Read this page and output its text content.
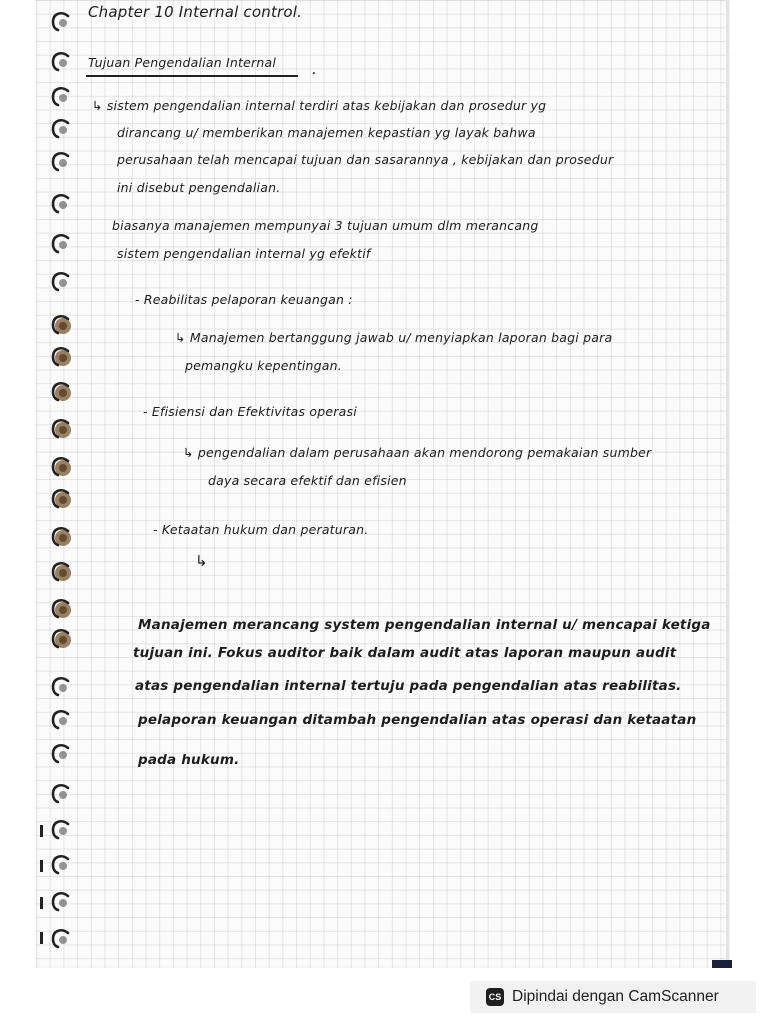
Chapter 10 Internal control.
Tujuan Pengendalian Internal .
↳ sistem pengendalian internal terdiri atas kebijakan dan prosedur yg
dirancang u/ memberikan manajemen kepastian yg layak bahwa
perusahaan telah mencapai tujuan dan sasarannya , kebijakan dan prosedur
ini disebut pengendalian.
biasanya manajemen mempunyai 3 tujuan umum dlm merancang
sistem pengendalian internal yg efektif
- Reabilitas pelaporan keuangan :
↳ Manajemen bertanggung jawab u/ menyiapkan laporan bagi para
pemangku kepentingan.
- Efisiensi dan Efektivitas operasi
↳ pengendalian dalam perusahaan akan mendorong pemakaian sumber
daya secara efektif dan efisien
- Ketaatan hukum dan peraturan.
↳
Manajemen merancang system pengendalian internal u/ mencapai ketiga
tujuan ini. Fokus auditor baik dalam audit atas laporan maupun audit
atas pengendalian internal tertuju pada pengendalian atas reabilitas.
pelaporan keuangan ditambah pengendalian atas operasi dan ketaatan
pada hukum.
CS Dipindai dengan CamScanner
